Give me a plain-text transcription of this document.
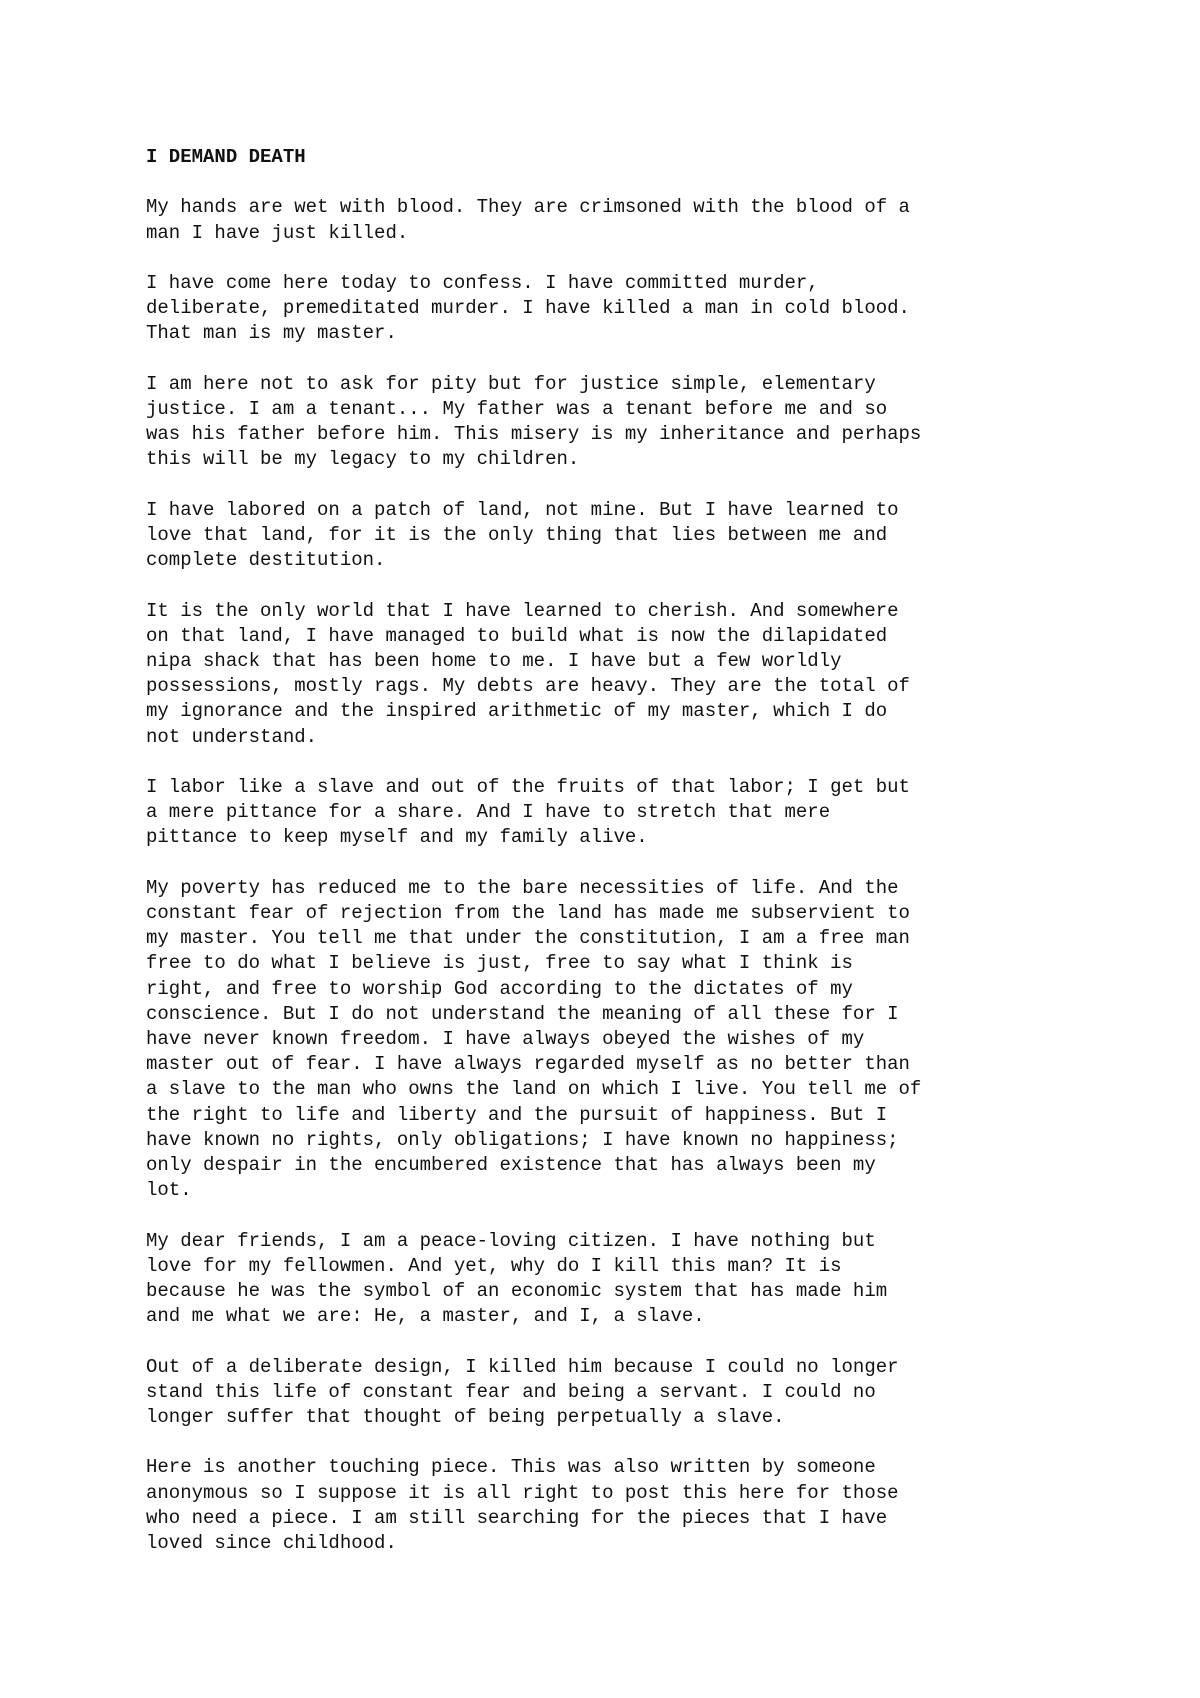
I DEMAND DEATH
My hands are wet with blood. They are crimsoned with the blood of a
man I have just killed.
I have come here today to confess. I have committed murder,
deliberate, premeditated murder. I have killed a man in cold blood.
That man is my master.
I am here not to ask for pity but for justice simple, elementary
justice. I am a tenant... My father was a tenant before me and so
was his father before him. This misery is my inheritance and perhaps
this will be my legacy to my children.
I have labored on a patch of land, not mine. But I have learned to
love that land, for it is the only thing that lies between me and
complete destitution.
It is the only world that I have learned to cherish. And somewhere
on that land, I have managed to build what is now the dilapidated
nipa shack that has been home to me. I have but a few worldly
possessions, mostly rags. My debts are heavy. They are the total of
my ignorance and the inspired arithmetic of my master, which I do
not understand.
I labor like a slave and out of the fruits of that labor; I get but
a mere pittance for a share. And I have to stretch that mere
pittance to keep myself and my family alive.
My poverty has reduced me to the bare necessities of life. And the
constant fear of rejection from the land has made me subservient to
my master. You tell me that under the constitution, I am a free man
free to do what I believe is just, free to say what I think is
right, and free to worship God according to the dictates of my
conscience. But I do not understand the meaning of all these for I
have never known freedom. I have always obeyed the wishes of my
master out of fear. I have always regarded myself as no better than
a slave to the man who owns the land on which I live. You tell me of
the right to life and liberty and the pursuit of happiness. But I
have known no rights, only obligations; I have known no happiness;
only despair in the encumbered existence that has always been my
lot.
My dear friends, I am a peace-loving citizen. I have nothing but
love for my fellowmen. And yet, why do I kill this man? It is
because he was the symbol of an economic system that has made him
and me what we are: He, a master, and I, a slave.
Out of a deliberate design, I killed him because I could no longer
stand this life of constant fear and being a servant. I could no
longer suffer that thought of being perpetually a slave.
Here is another touching piece. This was also written by someone
anonymous so I suppose it is all right to post this here for those
who need a piece. I am still searching for the pieces that I have
loved since childhood.
